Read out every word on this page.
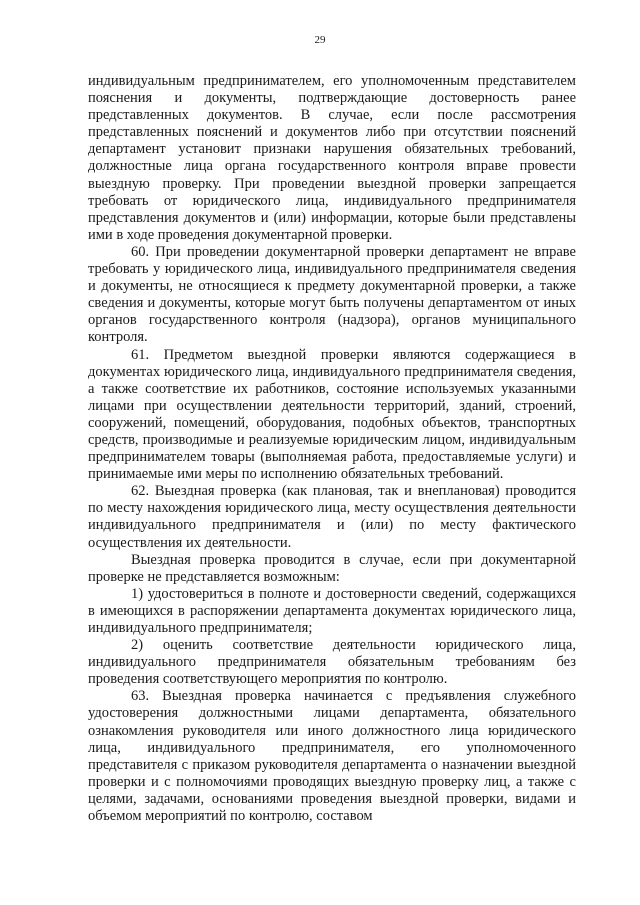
29

индивидуальным предпринимателем, его уполномоченным представителем пояснения и документы, подтверждающие достоверность ранее представленных документов. В случае, если после рассмотрения представленных пояснений и документов либо при отсутствии пояснений департамент установит признаки нарушения обязательных требований, должностные лица органа государственного контроля вправе провести выездную проверку. При проведении выездной проверки запрещается требовать от юридического лица, индивидуального предпринимателя представления документов и (или) информации, которые были представлены ими в ходе проведения документарной проверки.

60. При проведении документарной проверки департамент не вправе требовать у юридического лица, индивидуального предпринимателя сведения и документы, не относящиеся к предмету документарной проверки, а также сведения и документы, которые могут быть получены департаментом от иных органов государственного контроля (надзора), органов муниципального контроля.

61. Предметом выездной проверки являются содержащиеся в документах юридического лица, индивидуального предпринимателя сведения, а также соответствие их работников, состояние используемых указанными лицами при осуществлении деятельности территорий, зданий, строений, сооружений, помещений, оборудования, подобных объектов, транспортных средств, производимые и реализуемые юридическим лицом, индивидуальным предпринимателем товары (выполняемая работа, предоставляемые услуги) и принимаемые ими меры по исполнению обязательных требований.

62. Выездная проверка (как плановая, так и внеплановая) проводится по месту нахождения юридического лица, месту осуществления деятельности индивидуального предпринимателя и (или) по месту фактического осуществления их деятельности.

Выездная проверка проводится в случае, если при документарной проверке не представляется возможным:

1) удостовериться в полноте и достоверности сведений, содержащихся в имеющихся в распоряжении департамента документах юридического лица, индивидуального предпринимателя;

2) оценить соответствие деятельности юридического лица, индивидуального предпринимателя обязательным требованиям без проведения соответствующего мероприятия по контролю.

63. Выездная проверка начинается с предъявления служебного удостоверения должностными лицами департамента, обязательного ознакомления руководителя или иного должностного лица юридического лица, индивидуального предпринимателя, его уполномоченного представителя с приказом руководителя департамента о назначении выездной проверки и с полномочиями проводящих выездную проверку лиц, а также с целями, задачами, основаниями проведения выездной проверки, видами и объемом мероприятий по контролю, составом
